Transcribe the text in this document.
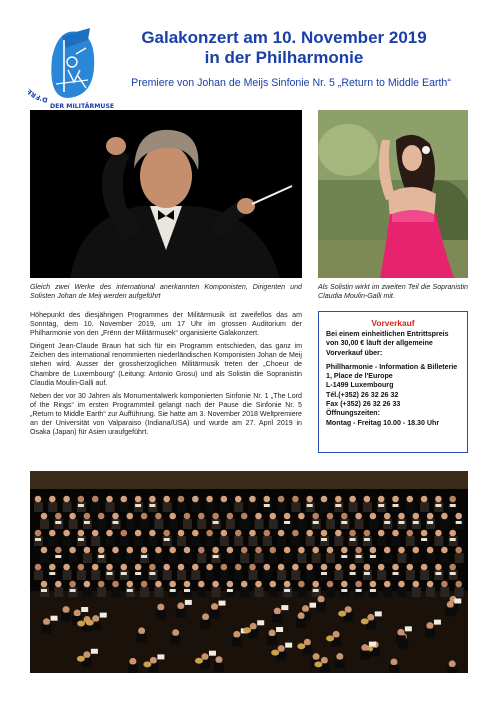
D'FR
DER MILITÄRMUSEK
Galakonzert am 10. November 2019
in der Philharmonie
Premiere von Johan de Meijs Sinfonie Nr. 5 „Return to Middle Earth“
Gleich zwei Werke des international anerkannten Komponisten, Dirigenten und Solisten Johan de Meij werden aufgeführt
Als Solistin wirkt im zweiten Teil die Sopranistin Claudia Moulin-Galli mit.

Höhepunkt des diesjährigen Programmes der Militärmusik ist zweifellos das am Sonntag, dem 10. November 2019, um 17 Uhr im grossen Auditorium der Philharmonie von den „Frënn der Militärmusek“ organisierte Galakonzert.

Dirigent Jean-Claude Braun hat sich für ein Programm entschieden, das ganz im Zeichen des international renommierten niederländischen Komponisten Johan de Meij stehen wird. Ausser der grossherzoglichen Militärmusik treten der „Choeur de Chambre de Luxembourg“ (Leitung: Antonio Grosu) und als Solistin die Sopranistin Claudia Moulin-Galli auf.

Neben der vor 30 Jahren als Monumentalwerk komponierten Sinfonie Nr. 1 „The Lord of the Rings“ im ersten Programmteil gelangt nach der Pause die Sinfonie Nr. 5 „Return to Middle Earth“ zur Aufführung. Sie hatte am 3. November 2018 Weltpremiere an der Universität von Valparaiso (Indiana/USA) und wurde am 27. April 2019 in Osaka (Japan) für Asien uraufgeführt.

Vorverkauf

Bei einem einheitlichen Entrittspreis von 30,00 € läuft der allgemeine Vorverkauf über:

Phillharmonie - Information & Billeterie
1, Place de l'Europe
L-1499 Luxembourg
Tél.(+352) 26 32 26 32
Fax (+352) 26 32 26 33
Öffnungszeiten:
Montag - Freitag 10.00 - 18.30 Uhr
